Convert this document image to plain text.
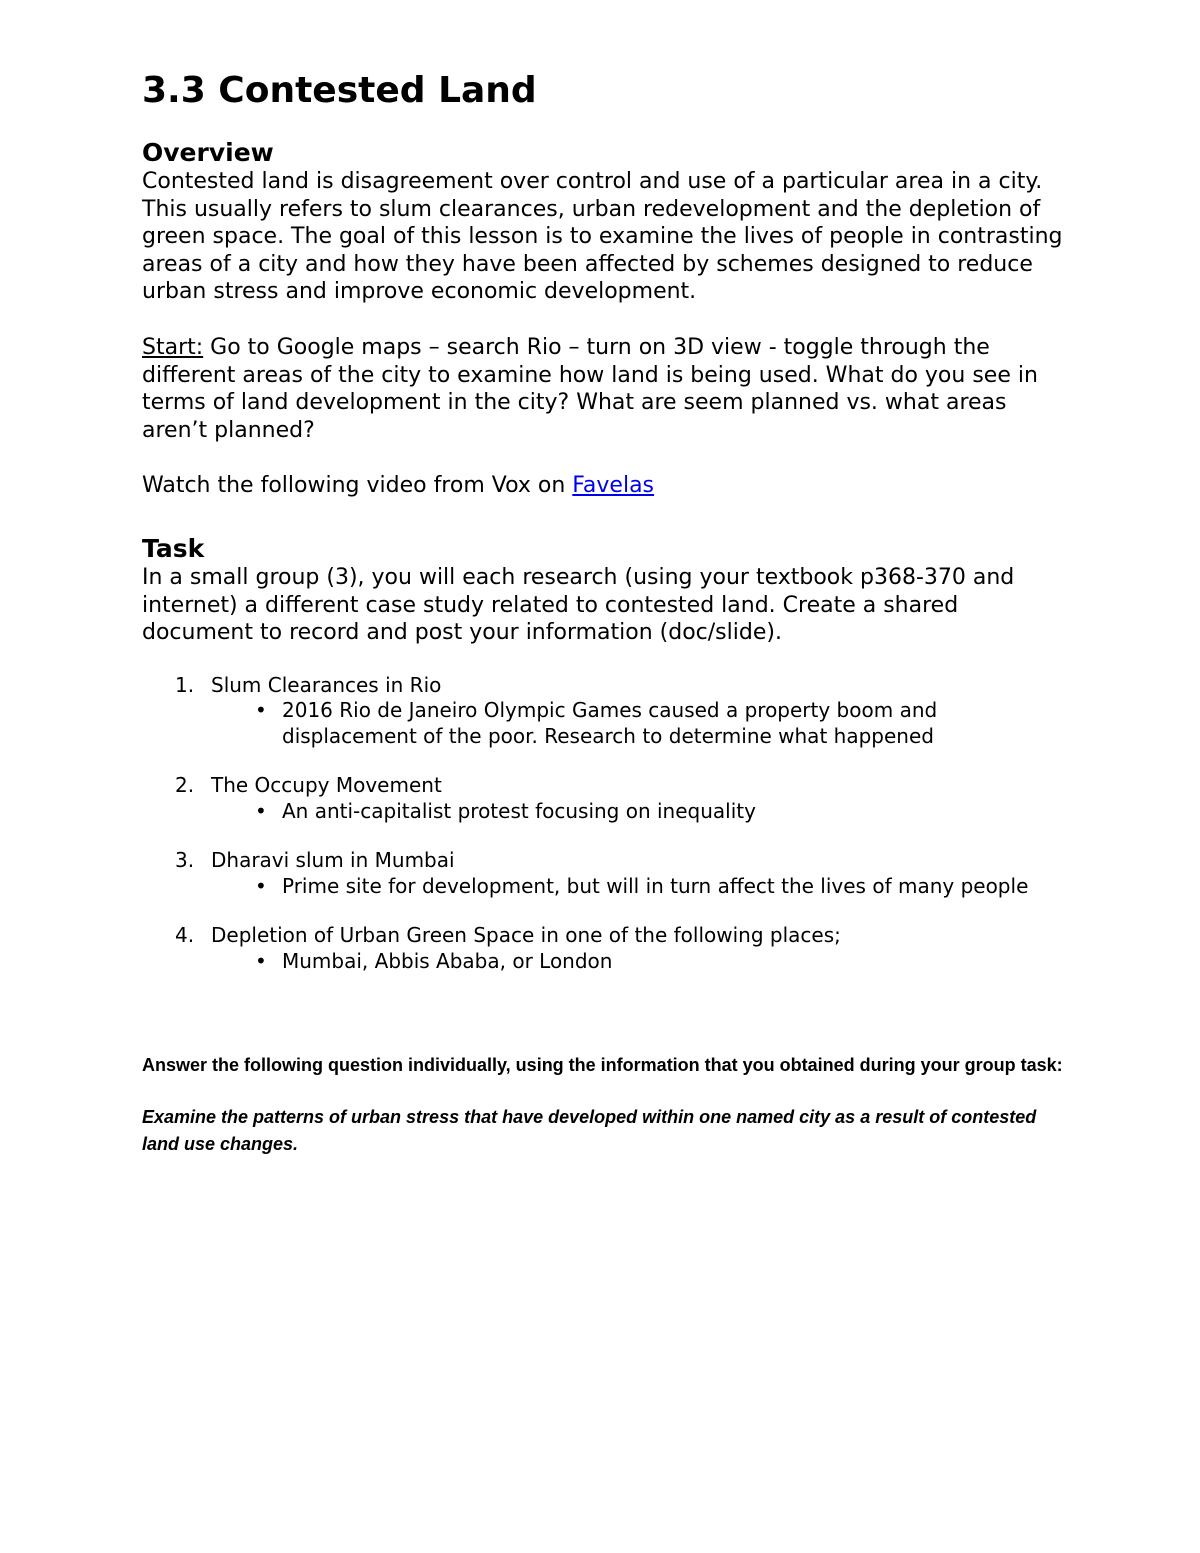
3.3 Contested Land
Overview

Contested land is disagreement over control and use of a particular area in a city. This usually refers to slum clearances, urban redevelopment and the depletion of green space. The goal of this lesson is to examine the lives of people in contrasting areas of a city and how they have been affected by schemes designed to reduce urban stress and improve economic development.

Start: Go to Google maps – search Rio – turn on 3D view - toggle through the different areas of the city to examine how land is being used. What do you see in terms of land development in the city? What are seem planned vs. what areas aren’t planned?

Watch the following video from Vox on Favelas

Task

In a small group (3), you will each research (using your textbook p368-370 and internet) a different case study related to contested land. Create a shared document to record and post your information (doc/slide).

1. Slum Clearances in Rio
• 2016 Rio de Janeiro Olympic Games caused a property boom and displacement of the poor. Research to determine what happened
2. The Occupy Movement
• An anti-capitalist protest focusing on inequality
3. Dharavi slum in Mumbai
• Prime site for development, but will in turn affect the lives of many people
4. Depletion of Urban Green Space in one of the following places;
• Mumbai, Abbis Ababa, or London

Answer the following question individually, using the information that you obtained during your group task:

Examine the patterns of urban stress that have developed within one named city as a result of contested land use changes.
